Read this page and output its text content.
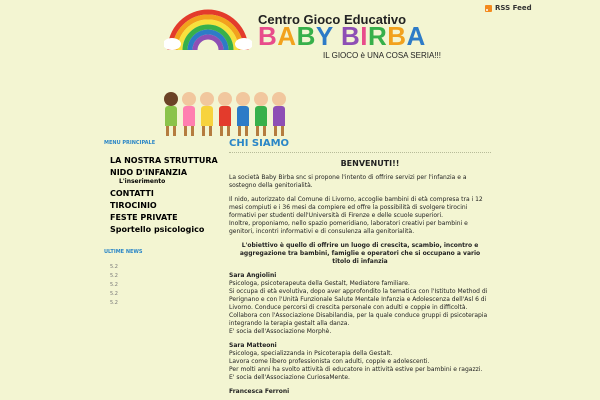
RSS Feed
Centro Gioco Educativo
BABY BIRBA
IL GIOCO è UNA COSA SERIA!!!
MENU PRINCIPALE
LA NOSTRA STRUTTURA
NIDO D'INFANZIA
L'inserimento
CONTATTI
TIROCINIO
FESTE PRIVATE
Sportello psicologico
ULTIME NEWS
5.2
5.2
5.2
5.2
5.2
CHI SIAMO
BENVENUTI!!

La società Baby Birba snc si propone l'intento di offrire servizi per l'infanzia e a sostegno della genitorialità.

Il nido, autorizzato dal Comune di Livorno, accoglie bambini di età compresa tra i 12 mesi compiuti e i 36 mesi da compiere ed offre la possibilità di svolgere tirocini formativi per studenti dell'Università di Firenze e delle scuole superiori.
Inoltre, proponiamo, nello spazio pomeridiano, laboratori creativi per bambini e genitori, incontri informativi e di consulenza alla genitorialità.

L'obiettivo è quello di offrire un luogo di crescita, scambio, incontro e aggregazione tra bambini, famiglie e operatori che si occupano a vario titolo di infanzia

Sara Angiolini

Psicologa, psicoterapeuta della Gestalt, Mediatore familiare.
Si occupa di età evolutiva, dopo aver approfondito la tematica con l'Istituto Method di Perignano e con l'Unità Funzionale Salute Mentale Infanzia e Adolescenza dell'Asl 6 di Livorno. Conduce percorsi di crescita personale con adulti e coppie in difficoltà.
Collabora con l'Associazione Disabilandia, per la quale conduce gruppi di psicoterapia integrando la terapia gestalt alla danza.
E' socia dell'Associazione Morphè.

Sara Matteoni

Psicologa, specializzanda in Psicoterapia della Gestalt.
Lavora come libero professionista con adulti, coppie e adolescenti.
Per molti anni ha svolto attività di educatore in attività estive per bambini e ragazzi.
E' socia dell'Associazione CuriosaMente.

Francesca Ferroni
